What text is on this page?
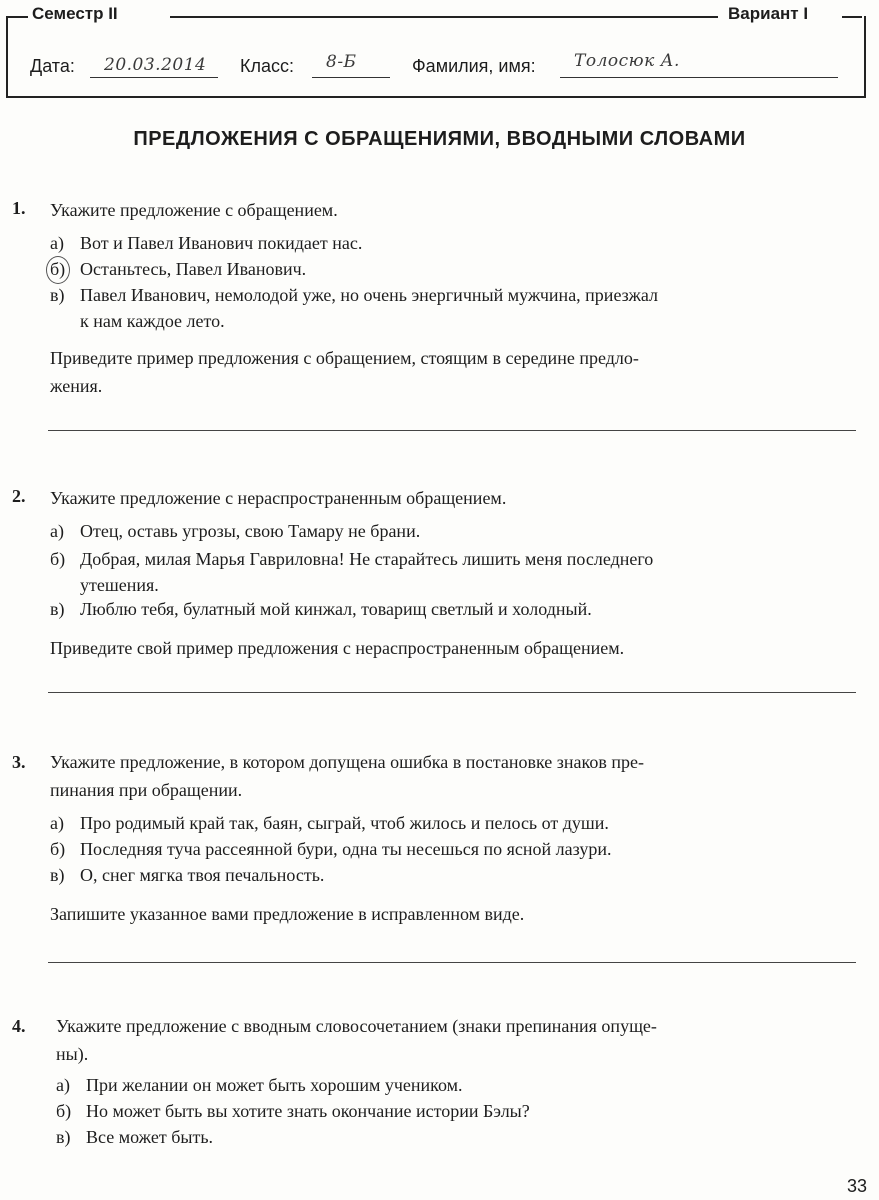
Семестр II	Вариант I
Дата: 20.03.2014 Класс: 8-Б	Фамилия, имя: Толосюк А.
ПРЕДЛОЖЕНИЯ С ОБРАЩЕНИЯМИ, ВВОДНЫМИ СЛОВАМИ
1. Укажите предложение с обращением.
а) Вот и Павел Иванович покидает нас.
б) Останьтесь, Павел Иванович.
в) Павел Иванович, немолодой уже, но очень энергичный мужчина, приезжал
к нам каждое лето.
Приведите пример предложения с обращением, стоящим в середине предло-
жения.
2. Укажите предложение с нераспространенным обращением.
а) Отец, оставь угрозы, свою Тамару не брани.
б) Добрая, милая Марья Гавриловна! Не старайтесь лишить меня последнего
утешения.
в) Люблю тебя, булатный мой кинжал, товарищ светлый и холодный.
Приведите свой пример предложения с нераспространенным обращением.
3. Укажите предложение, в котором допущена ошибка в постановке знаков пре-
пинания при обращении.
а) Про родимый край так, баян, сыграй, чтоб жилось и пелось от души.
б) Последняя туча рассеянной бури, одна ты несешься по ясной лазури.
в) О, снег мягка твоя печальность.
Запишите указанное вами предложение в исправленном виде.
4. Укажите предложение с вводным словосочетанием (знаки препинания опуще-
ны).
а) При желании он может быть хорошим учеником.
б) Но может быть вы хотите знать окончание истории Бэлы?
в) Все может быть.
33
